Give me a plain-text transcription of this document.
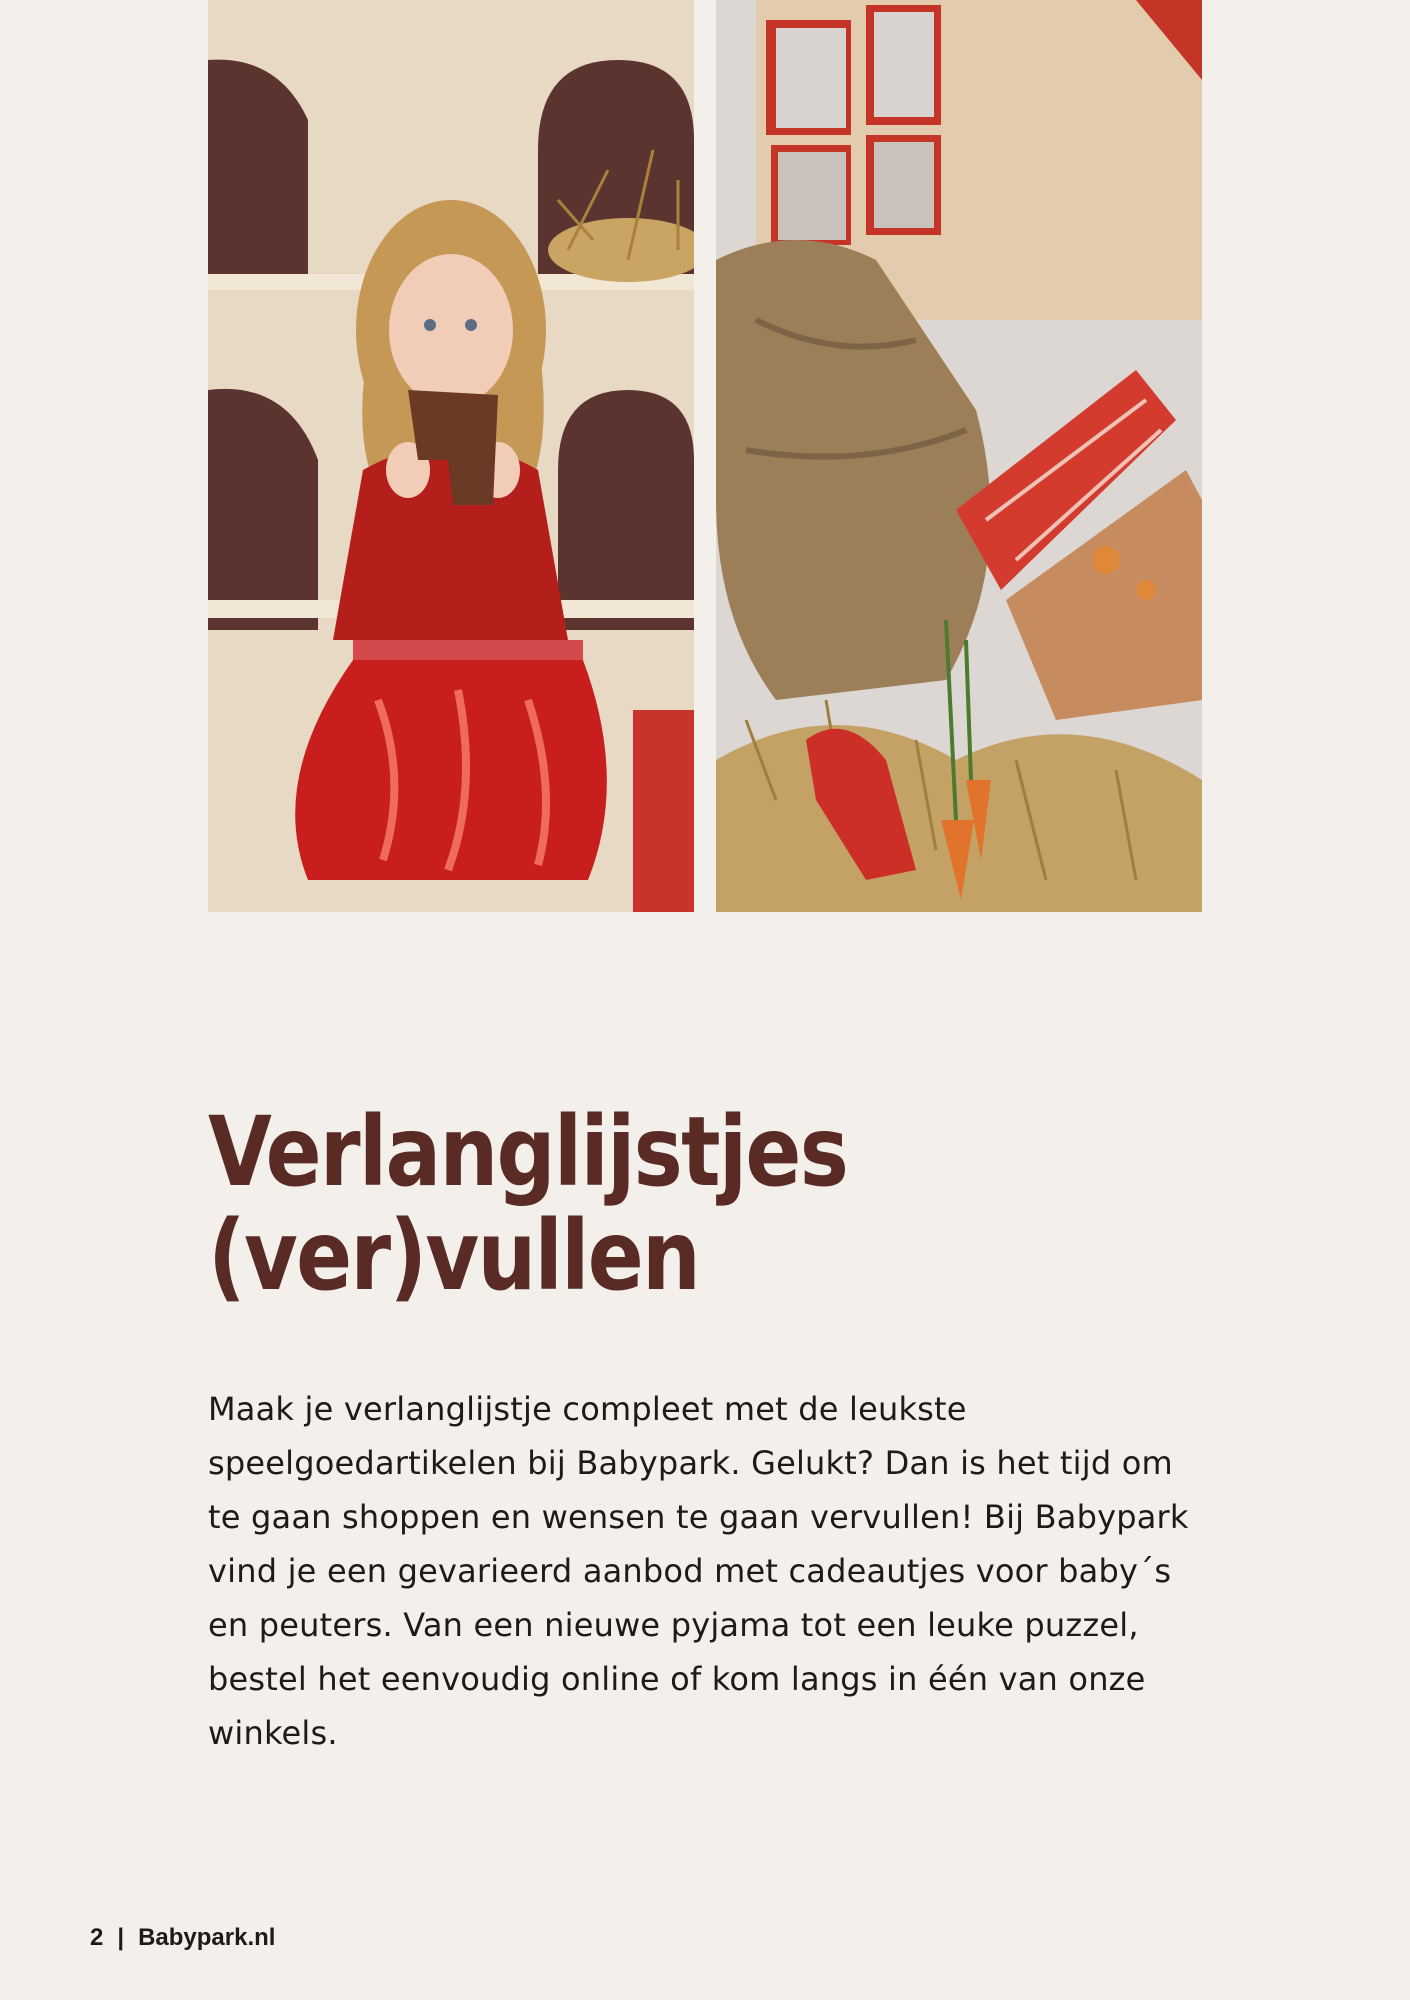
Verlanglijstjes
(ver)vullen

Maak je verlanglijstje compleet met de leukste speelgoedartikelen bij Babypark. Gelukt? Dan is het tijd om te gaan shoppen en wensen te gaan vervullen! Bij Babypark vind je een gevarieerd aanbod met cadeautjes voor baby´s en peuters. Van een nieuwe pyjama tot een leuke puzzel, bestel het eenvoudig online of kom langs in één van onze winkels.

2 | Babypark.nl
